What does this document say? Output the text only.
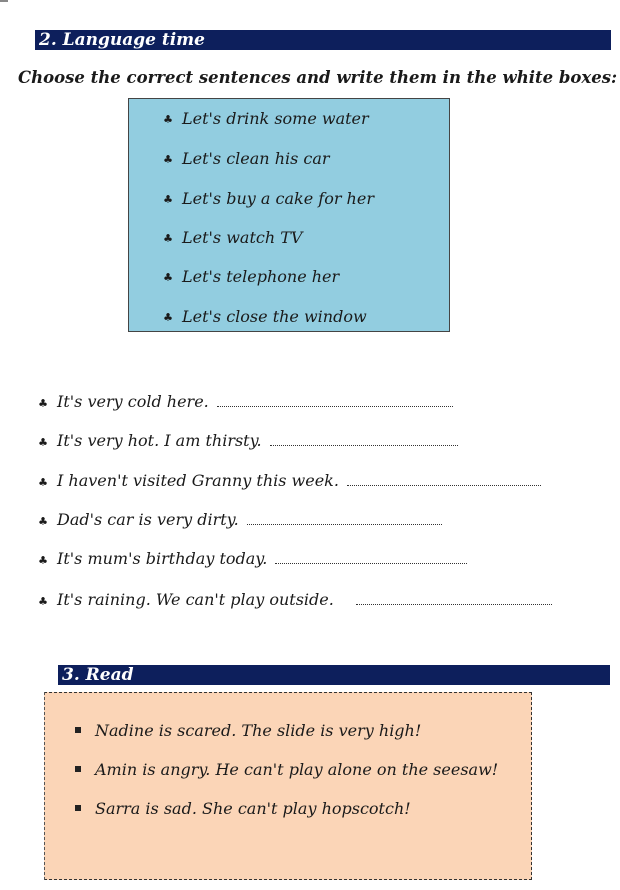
2. Language time
Choose the correct sentences and write them in the white boxes:
♣ Let's drink some water
♣ Let's clean his car
♣ Let's buy a cake for her
♣ Let's watch TV
♣ Let's telephone her
♣ Let's close the window
♣ It's very cold here.
♣ It's very hot. I am thirsty.
♣ I haven't visited Granny this week.
♣ Dad's car is very dirty.
♣ It's mum's birthday today.
♣ It's raining. We can't play outside.
3. Read
Nadine is scared. The slide is very high!
Amin is angry. He can't play alone on the seesaw!
Sarra is sad. She can't play hopscotch!
